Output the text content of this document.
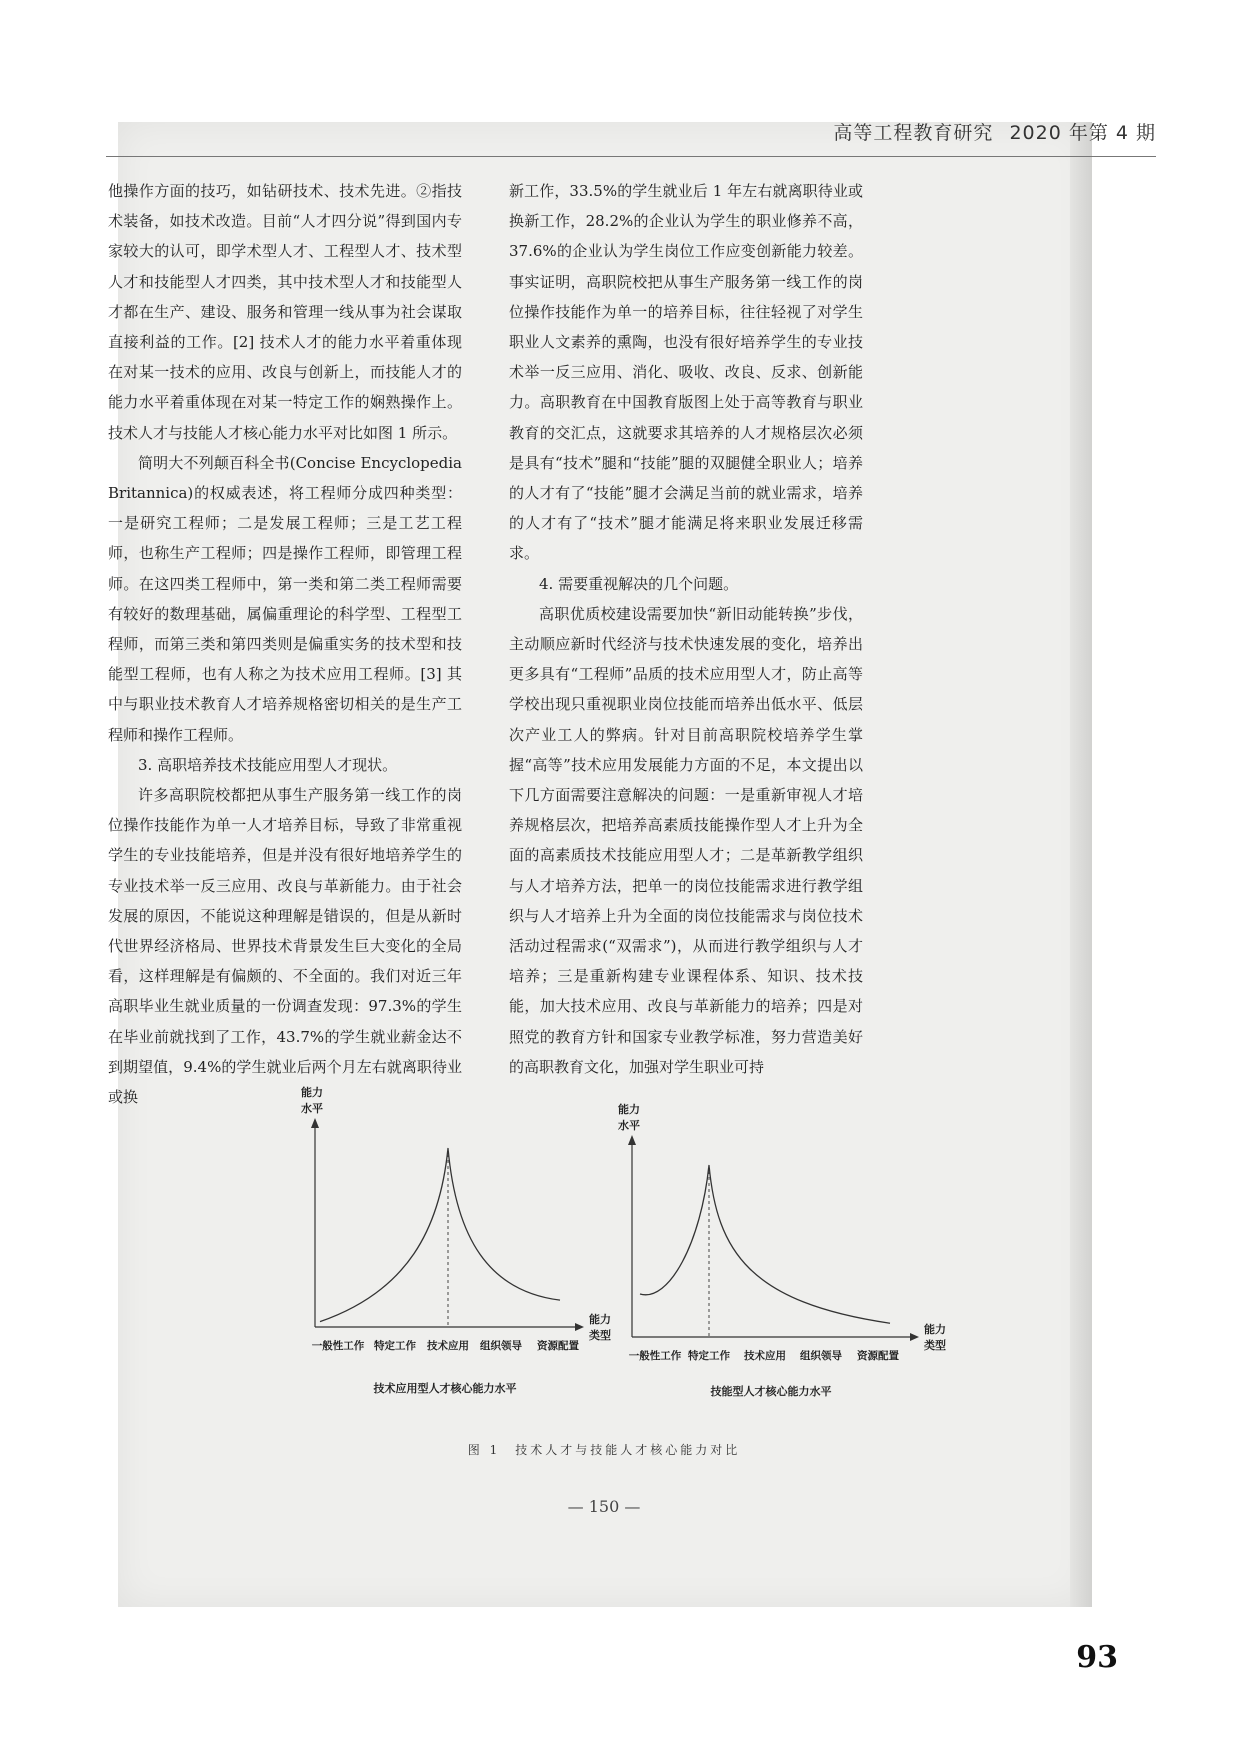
高等工程教育研究 2020 年第 4 期

他操作方面的技巧，如钻研技术、技术先进。②指技术装备，如技术改造。目前“人才四分说”得到国内专家较大的认可，即学术型人才、工程型人才、技术型人才和技能型人才四类，其中技术型人才和技能型人才都在生产、建设、服务和管理一线从事为社会谋取直接利益的工作。[2] 技术人才的能力水平着重体现在对某一技术的应用、改良与创新上，而技能人才的能力水平着重体现在对某一特定工作的娴熟操作上。技术人才与技能人才核心能力水平对比如图 1 所示。

简明大不列颠百科全书(Concise Encyclopedia Britannica)的权威表述，将工程师分成四种类型：一是研究工程师；二是发展工程师；三是工艺工程师，也称生产工程师；四是操作工程师，即管理工程师。在这四类工程师中，第一类和第二类工程师需要有较好的数理基础，属偏重理论的科学型、工程型工程师，而第三类和第四类则是偏重实务的技术型和技能型工程师，也有人称之为技术应用工程师。[3] 其中与职业技术教育人才培养规格密切相关的是生产工程师和操作工程师。

3. 高职培养技术技能应用型人才现状。

许多高职院校都把从事生产服务第一线工作的岗位操作技能作为单一人才培养目标，导致了非常重视学生的专业技能培养，但是并没有很好地培养学生的专业技术举一反三应用、改良与革新能力。由于社会发展的原因，不能说这种理解是错误的，但是从新时代世界经济格局、世界技术背景发生巨大变化的全局看，这样理解是有偏颇的、不全面的。我们对近三年高职毕业生就业质量的一份调查发现：97.3%的学生在毕业前就找到了工作，43.7%的学生就业薪金达不到期望值，9.4%的学生就业后两个月左右就离职待业或换

新工作，33.5%的学生就业后 1 年左右就离职待业或换新工作，28.2%的企业认为学生的职业修养不高，37.6%的企业认为学生岗位工作应变创新能力较差。事实证明，高职院校把从事生产服务第一线工作的岗位操作技能作为单一的培养目标，往往轻视了对学生职业人文素养的熏陶，也没有很好培养学生的专业技术举一反三应用、消化、吸收、改良、反求、创新能力。高职教育在中国教育版图上处于高等教育与职业教育的交汇点，这就要求其培养的人才规格层次必须是具有“技术”腿和“技能”腿的双腿健全职业人；培养的人才有了“技能”腿才会满足当前的就业需求，培养的人才有了“技术”腿才能满足将来职业发展迁移需求。

4. 需要重视解决的几个问题。

高职优质校建设需要加快“新旧动能转换”步伐，主动顺应新时代经济与技术快速发展的变化，培养出更多具有“工程师”品质的技术应用型人才，防止高等学校出现只重视职业岗位技能而培养出低水平、低层次产业工人的弊病。针对目前高职院校培养学生掌握“高等”技术应用发展能力方面的不足，本文提出以下几方面需要注意解决的问题：一是重新审视人才培养规格层次，把培养高素质技能操作型人才上升为全面的高素质技术技能应用型人才；二是革新教学组织与人才培养方法，把单一的岗位技能需求进行教学组织与人才培养上升为全面的岗位技能需求与岗位技术活动过程需求(“双需求”)，从而进行教学组织与人才培养；三是重新构建专业课程体系、知识、技术技能，加大技术应用、改良与革新能力的培养；四是对照党的教育方针和国家专业教学标准，努力营造美好的高职教育文化，加强对学生职业可持

能力
水平
能力
类型
一般性工作 特定工作 技术应用 组织领导 资源配置
技术应用型人才核心能力水平
能力
水平
能力
类型
一般性工作 特定工作 技术应用 组织领导 资源配置
技能型人才核心能力水平
图 1　技术人才与技能人才核心能力对比
— 150 —
93
